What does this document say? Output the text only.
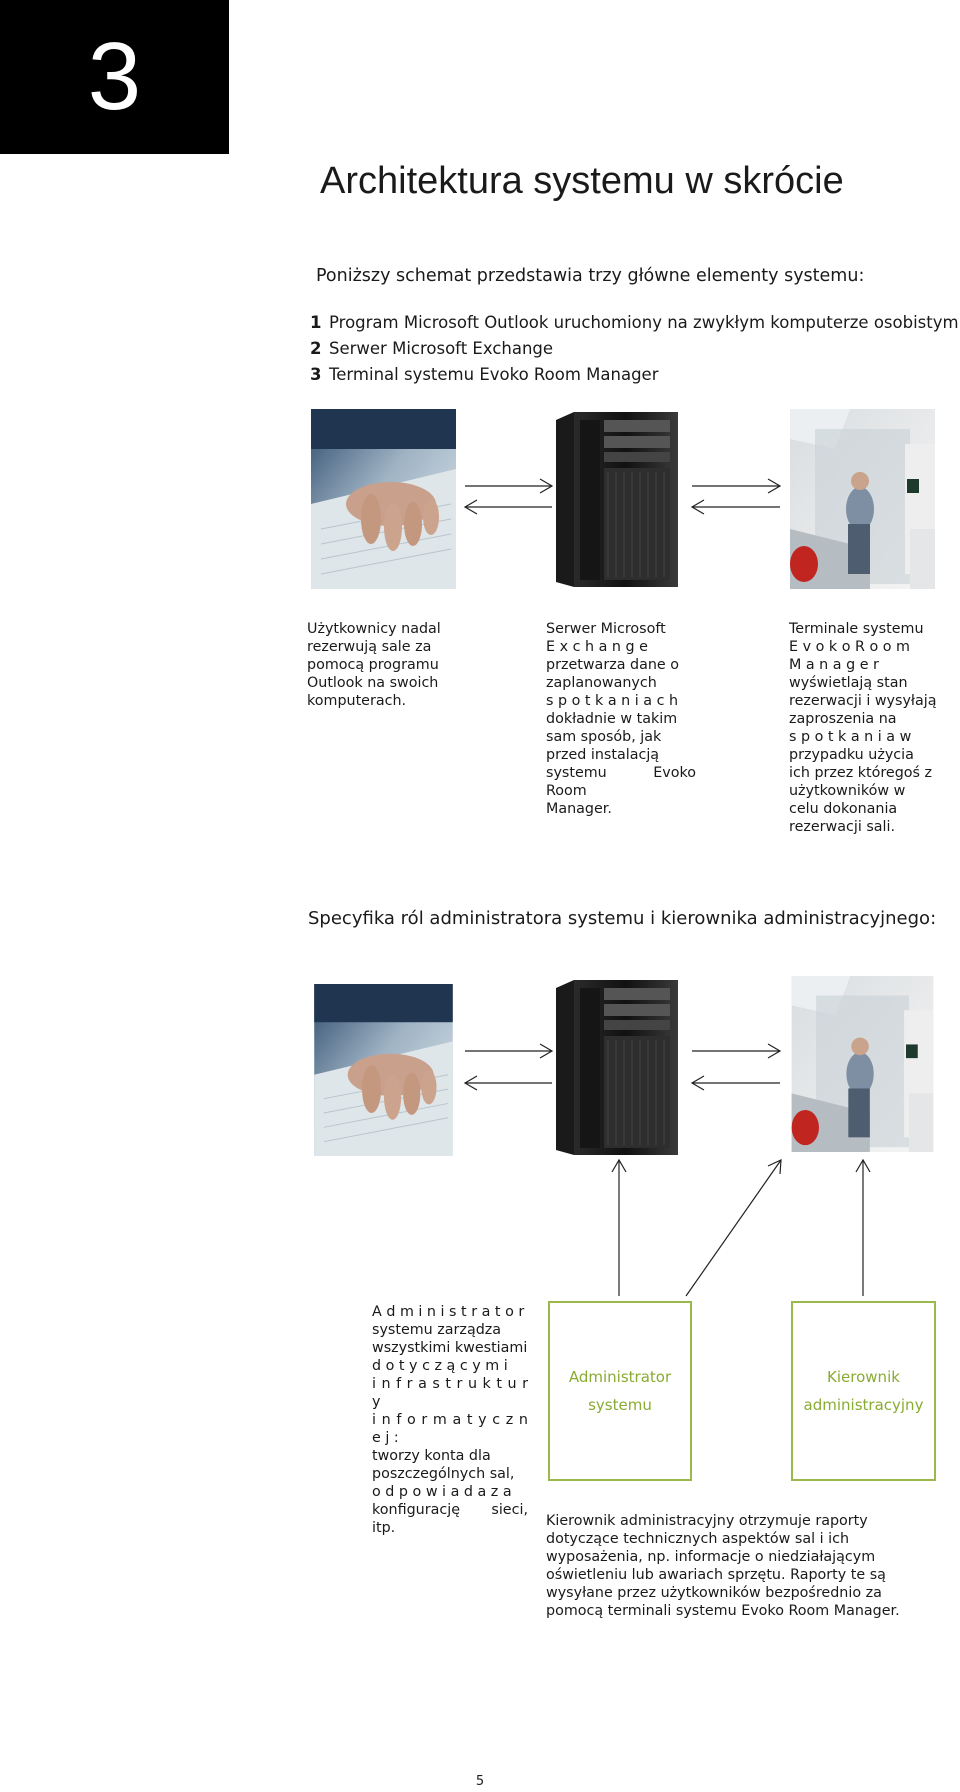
3
Architektura systemu w skrócie
Poniższy schemat przedstawia trzy główne elementy systemu:
1 Program Microsoft Outlook uruchomiony na zwykłym komputerze osobistym
2 Serwer Microsoft Exchange
3 Terminal systemu Evoko Room Manager
Użytkownicy nadal
rezerwują sale za
pomocą programu
Outlook na swoich
komputerach.
Serwer Microsoft
E x c h a n g e
przetwarza dane o
zaplanowanych
s p o t k a n i a c h
dokładnie w takim
sam sposób, jak
przed instalacją
systemu Evoko Room
Manager.
Terminale systemu
E v o k o R o o m
M a n a g e r
wyświetlają stan
rezerwacji i wysyłają
zaproszenia na
s p o t k a n i a w
przypadku użycia
ich przez któregoś z
użytkowników w
celu dokonania
rezerwacji sali.
Specyfika ról administratora systemu i kierownika administracyjnego:
A d m i n i s t r a t o r
systemu zarządza
wszystkimi kwestiami
d o t y c z ą c y m i
i n f r a s t r u k t u r y
i n f o r m a t y c z n e j :
tworzy konta dla
poszczególnych sal,
o d p o w i a d a z a
konfigurację sieci, itp.
Administrator
systemu
Kierownik
administracyjny
Kierownik administracyjny otrzymuje raporty
dotyczące technicznych aspektów sal i ich
wyposażenia, np. informacje o niedziałającym
oświetleniu lub awariach sprzętu. Raporty te są
wysyłane przez użytkowników bezpośrednio za
pomocą terminali systemu Evoko Room Manager.
5
